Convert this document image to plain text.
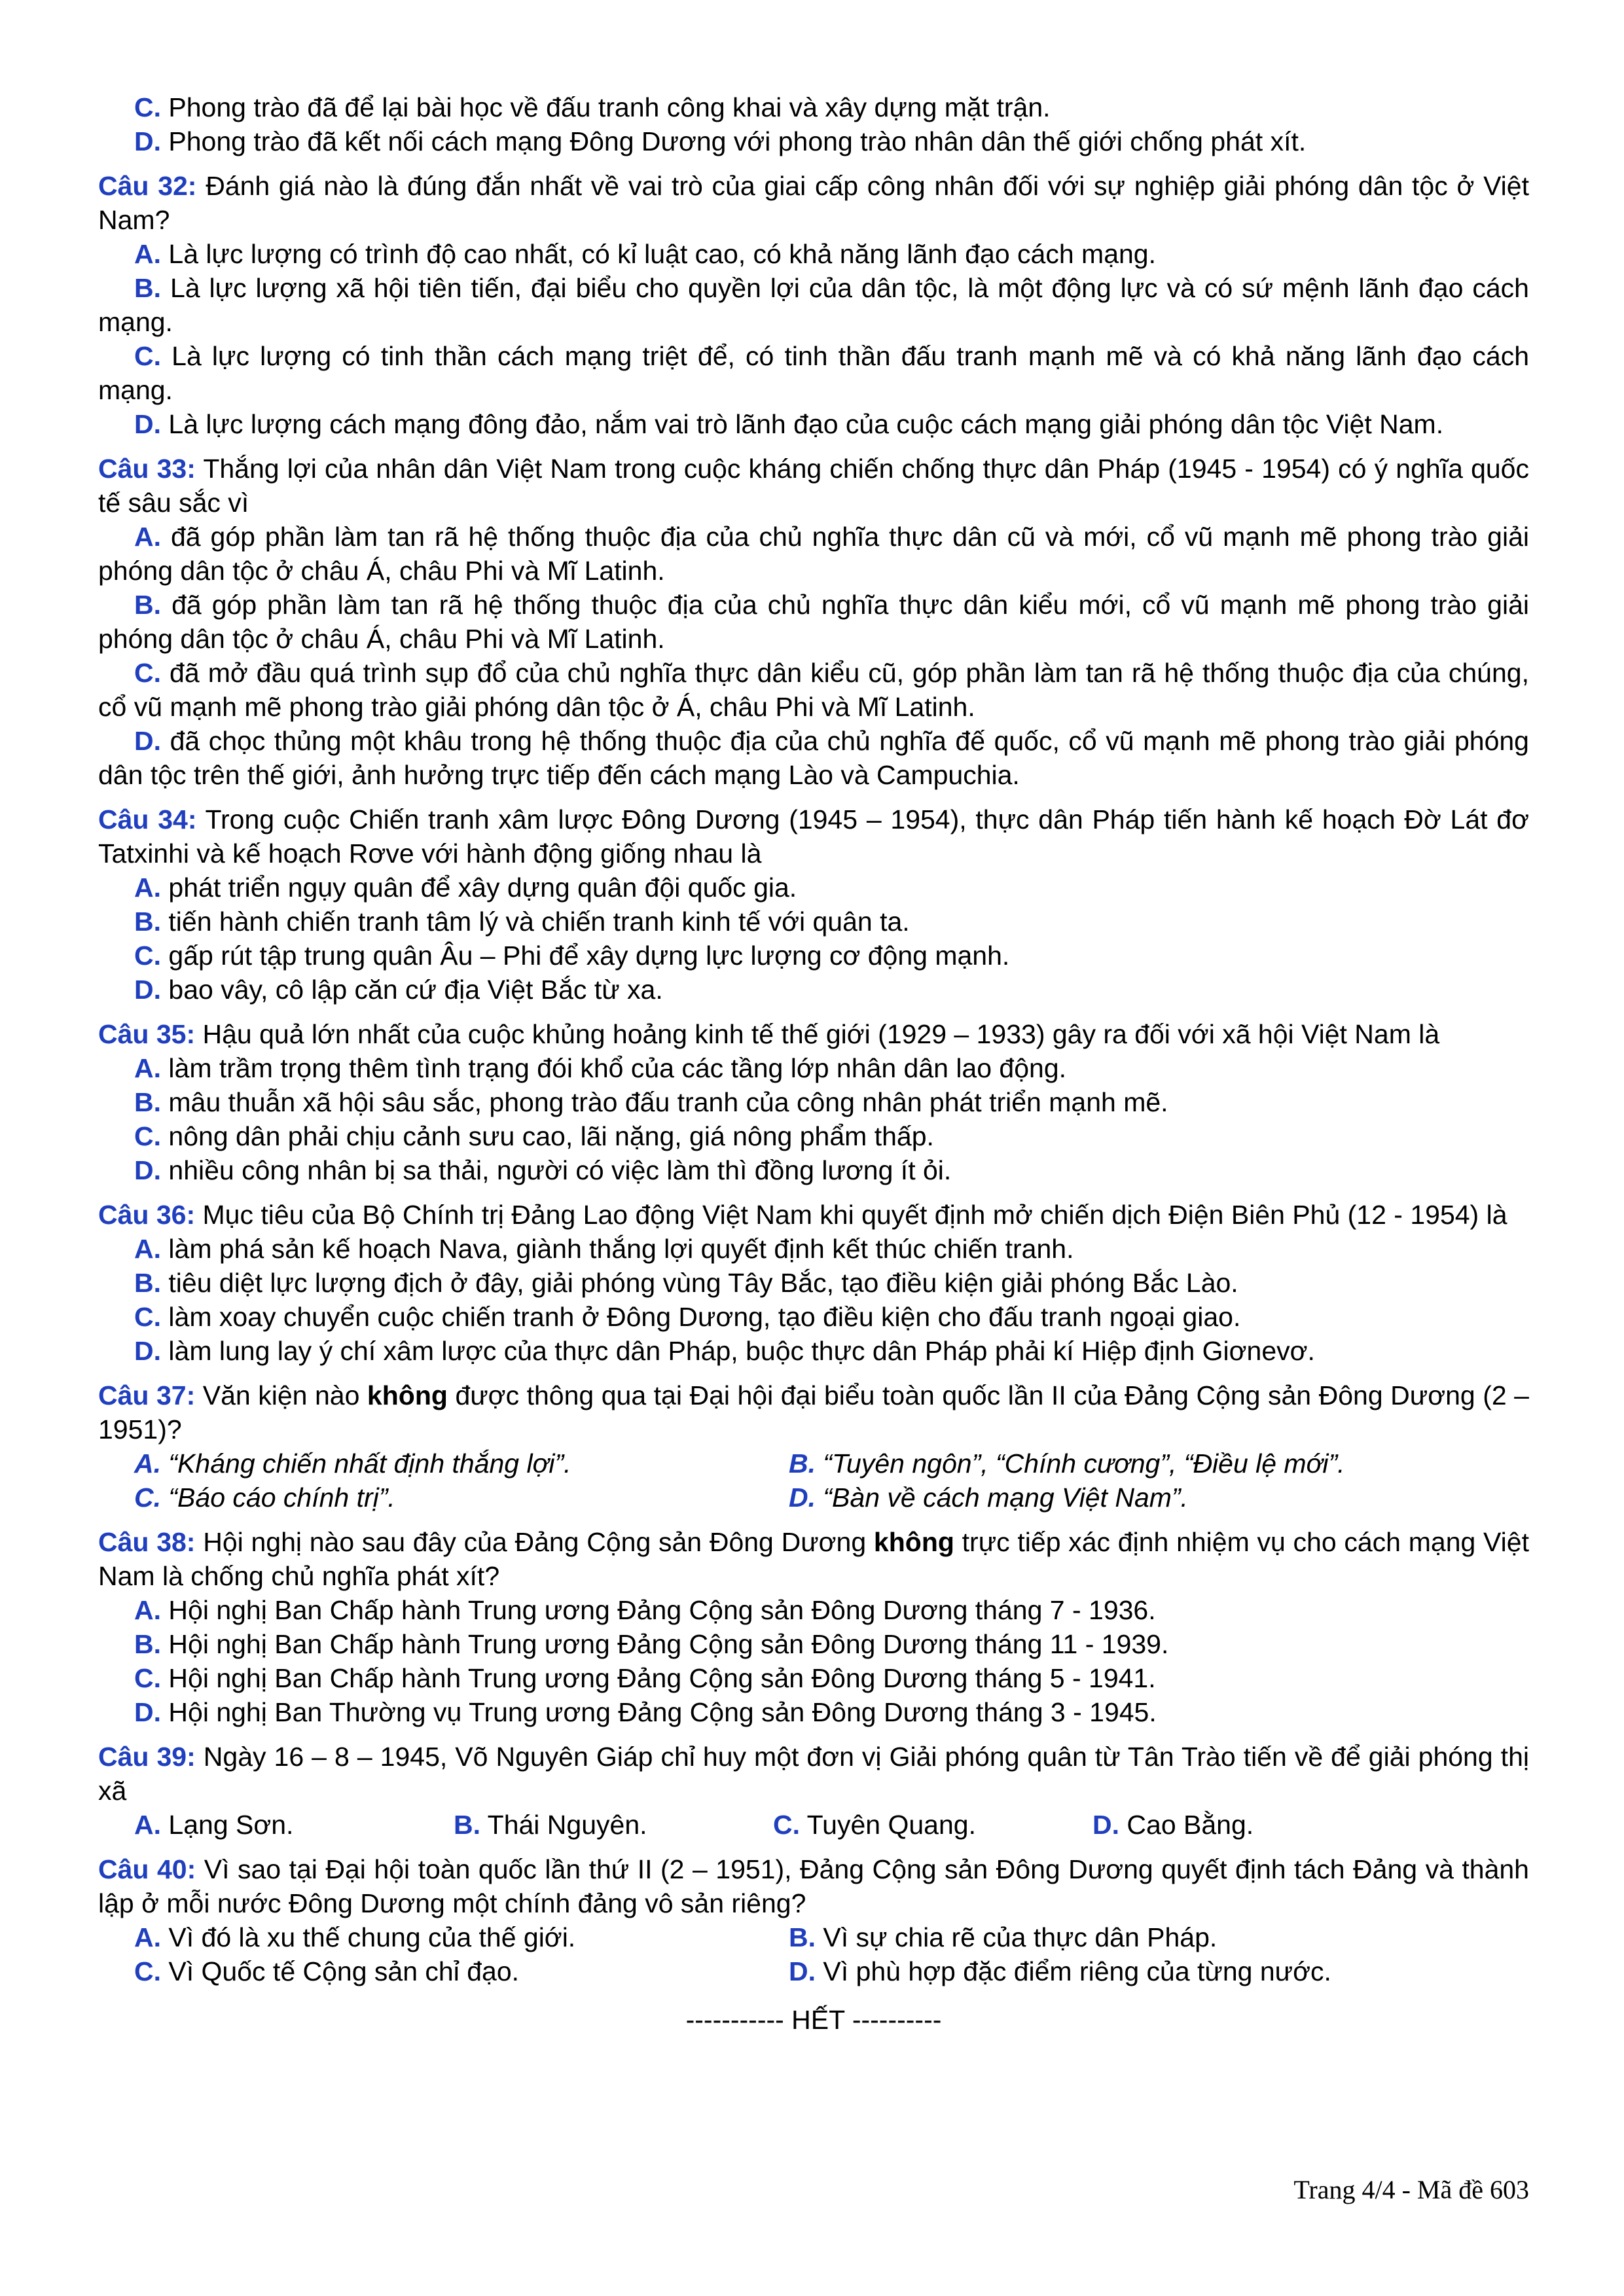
C. Phong trào đã để lại bài học về đấu tranh công khai và xây dựng mặt trận.
D. Phong trào đã kết nối cách mạng Đông Dương với phong trào nhân dân thế giới chống phát xít.
Câu 32: Đánh giá nào là đúng đắn nhất về vai trò của giai cấp công nhân đối với sự nghiệp giải phóng dân tộc ở Việt Nam?
A. Là lực lượng có trình độ cao nhất, có kỉ luật cao, có khả năng lãnh đạo cách mạng.
B. Là lực lượng xã hội tiên tiến, đại biểu cho quyền lợi của dân tộc, là một động lực và có sứ mệnh lãnh đạo cách mạng.
C. Là lực lượng có tinh thần cách mạng triệt để, có tinh thần đấu tranh mạnh mẽ và có khả năng lãnh đạo cách mạng.
D. Là lực lượng cách mạng đông đảo, nắm vai trò lãnh đạo của cuộc cách mạng giải phóng dân tộc Việt Nam.
Câu 33: Thắng lợi của nhân dân Việt Nam trong cuộc kháng chiến chống thực dân Pháp (1945 - 1954) có ý nghĩa quốc tế sâu sắc vì
A. đã góp phần làm tan rã hệ thống thuộc địa của chủ nghĩa thực dân cũ và mới, cổ vũ mạnh mẽ phong trào giải phóng dân tộc ở châu Á, châu Phi và Mĩ Latinh.
B. đã góp phần làm tan rã hệ thống thuộc địa của chủ nghĩa thực dân kiểu mới, cổ vũ mạnh mẽ phong trào giải phóng dân tộc ở châu Á, châu Phi và Mĩ Latinh.
C. đã mở đầu quá trình sụp đổ của chủ nghĩa thực dân kiểu cũ, góp phần làm tan rã hệ thống thuộc địa của chúng, cổ vũ mạnh mẽ phong trào giải phóng dân tộc ở Á, châu Phi và Mĩ Latinh.
D. đã chọc thủng một khâu trong hệ thống thuộc địa của chủ nghĩa đế quốc, cổ vũ mạnh mẽ phong trào giải phóng dân tộc trên thế giới, ảnh hưởng trực tiếp đến cách mạng Lào và Campuchia.
Câu 34: Trong cuộc Chiến tranh xâm lược Đông Dương (1945 – 1954), thực dân Pháp tiến hành kế hoạch Đờ Lát đơ Tatxinhi và kế hoạch Rơve với hành động giống nhau là
A. phát triển ngụy quân để xây dựng quân đội quốc gia.
B. tiến hành chiến tranh tâm lý và chiến tranh kinh tế với quân ta.
C. gấp rút tập trung quân Âu – Phi để xây dựng lực lượng cơ động mạnh.
D. bao vây, cô lập căn cứ địa Việt Bắc từ xa.
Câu 35: Hậu quả lớn nhất của cuộc khủng hoảng kinh tế thế giới (1929 – 1933) gây ra đối với xã hội Việt Nam là
A. làm trầm trọng thêm tình trạng đói khổ của các tầng lớp nhân dân lao động.
B. mâu thuẫn xã hội sâu sắc, phong trào đấu tranh của công nhân phát triển mạnh mẽ.
C. nông dân phải chịu cảnh sưu cao, lãi nặng, giá nông phẩm thấp.
D. nhiều công nhân bị sa thải, người có việc làm thì đồng lương ít ỏi.
Câu 36: Mục tiêu của Bộ Chính trị Đảng Lao động Việt Nam khi quyết định mở chiến dịch Điện Biên Phủ (12 - 1954) là
A. làm phá sản kế hoạch Nava, giành thắng lợi quyết định kết thúc chiến tranh.
B. tiêu diệt lực lượng địch ở đây, giải phóng vùng Tây Bắc, tạo điều kiện giải phóng Bắc Lào.
C. làm xoay chuyển cuộc chiến tranh ở Đông Dương, tạo điều kiện cho đấu tranh ngoại giao.
D. làm lung lay ý chí xâm lược của thực dân Pháp, buộc thực dân Pháp phải kí Hiệp định Giơnevơ.
Câu 37: Văn kiện nào không được thông qua tại Đại hội đại biểu toàn quốc lần II của Đảng Cộng sản Đông Dương (2 – 1951)?
A. “Kháng chiến nhất định thắng lợi”.	B. “Tuyên ngôn”, “Chính cương”, “Điều lệ mới”.
C. “Báo cáo chính trị”.	D. “Bàn về cách mạng Việt Nam”.
Câu 38: Hội nghị nào sau đây của Đảng Cộng sản Đông Dương không trực tiếp xác định nhiệm vụ cho cách mạng Việt Nam là chống chủ nghĩa phát xít?
A. Hội nghị Ban Chấp hành Trung ương Đảng Cộng sản Đông Dương tháng 7 - 1936.
B. Hội nghị Ban Chấp hành Trung ương Đảng Cộng sản Đông Dương tháng 11 - 1939.
C. Hội nghị Ban Chấp hành Trung ương Đảng Cộng sản Đông Dương tháng 5 - 1941.
D. Hội nghị Ban Thường vụ Trung ương Đảng Cộng sản Đông Dương tháng 3 - 1945.
Câu 39: Ngày 16 – 8 – 1945, Võ Nguyên Giáp chỉ huy một đơn vị Giải phóng quân từ Tân Trào tiến về để giải phóng thị xã
A. Lạng Sơn.	B. Thái Nguyên.	C. Tuyên Quang.	D. Cao Bằng.
Câu 40: Vì sao tại Đại hội toàn quốc lần thứ II (2 – 1951), Đảng Cộng sản Đông Dương quyết định tách Đảng và thành lập ở mỗi nước Đông Dương một chính đảng vô sản riêng?
A. Vì đó là xu thế chung của thế giới.	B. Vì sự chia rẽ của thực dân Pháp.
C. Vì Quốc tế Cộng sản chỉ đạo.	D. Vì phù hợp đặc điểm riêng của từng nước.
----------- HẾT ----------
Trang 4/4 - Mã đề 603
